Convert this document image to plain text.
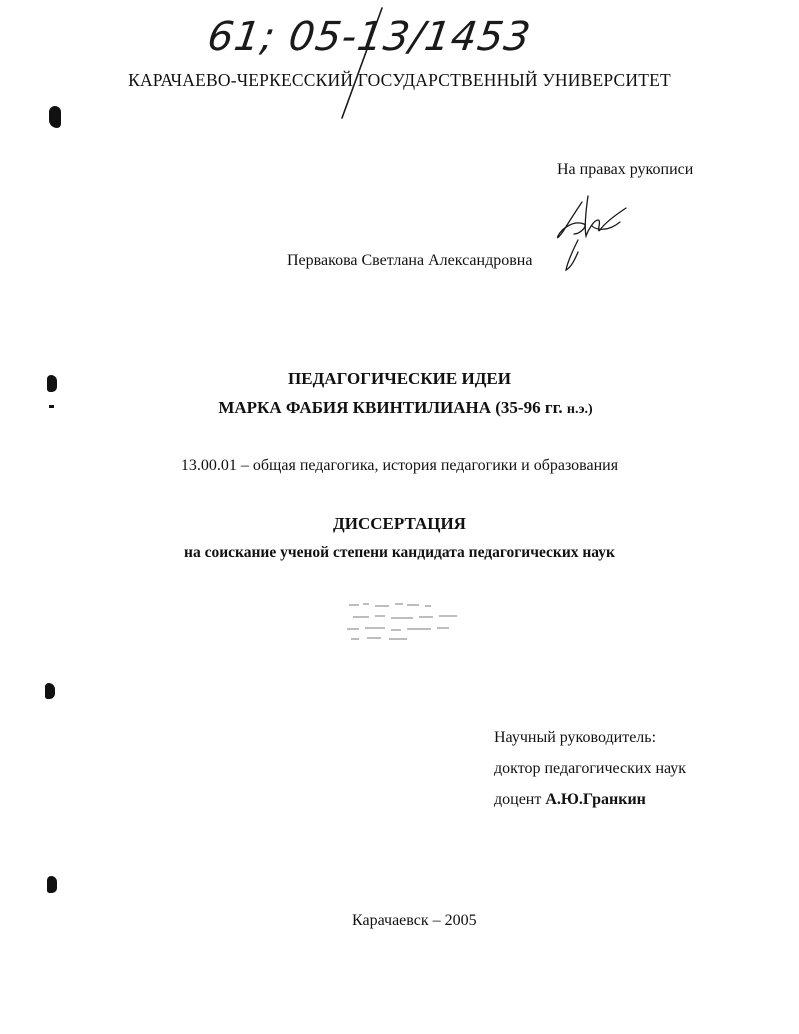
61; 05-13/1453
КАРАЧАЕВО-ЧЕРКЕССКИЙ ГОСУДАРСТВЕННЫЙ УНИВЕРСИТЕТ
На правах рукописи
Первакова Светлана Александровна
ПЕДАГОГИЧЕСКИЕ ИДЕИ
МАРКА ФАБИЯ КВИНТИЛИАНА (35-96 гг. н.э.)
13.00.01 – общая педагогика, история педагогики и образования
ДИССЕРТАЦИЯ
на соискание ученой степени кандидата педагогических наук
Научный руководитель:
доктор педагогических наук
доцент А.Ю.Гранкин
Карачаевск – 2005
